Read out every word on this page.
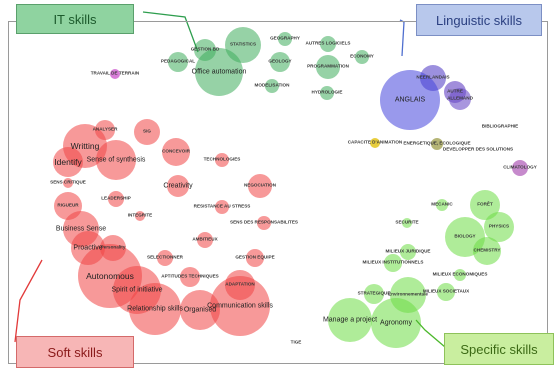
GESTION BD
STATISTICS
GEOGRAPHY
AUTRES LOGICIELS
ECONOMY
PEDAGOGICAL
Office automation
GEOLOGY
PROGRAMMATION
MODELISATION
HYDROLOGIE
TRAVAIL DE TERRAIN
NEERLANDAIS
AUTRE
ALLEMAND
ANGLAIS
BIBLIOGRAPHIE
CAPACITE D'ANIMATION ENERGETIQUE, ECOLOGIQUE
DEVELOPPER DES SOLUTIONS
CLIMATOLOGY
ANALYSER	SIG
Writting
Identify Sense of synthesis
CONCEVOIR
TECHNOLOGIES
SENS CRITIQUE
Creativity	NEGOCIATION
LEADERSHIP
RIGUEUR	RESISTANCE AU STRESS
INTEGRITE
SENS DES RESPONSABILITES
Business Sense
AMBITIEUX
Proactive
Personality
SELECTIONNER	GESTION EQUIPE
Autonomous	APTITUDES TECHNIQUES
ADAPTATION
Spirit of initiative
Relationship skills Organised
Communication skills
MECANIC	FORÊT
SECURITE
PHYSICS
BIOLOGY
MILIEUX JURIDIQUE	CHEMISTRY
MILIEUX INSTITUTIONNELS
MILIEUX ECONOMIQUES
STRATEGIQUE
Environnementale
MILIEUX SOCIETAUX
Manage a project Agronomy
TIGE
IT skills	Linguistic skills
Soft skills	Specific skills
